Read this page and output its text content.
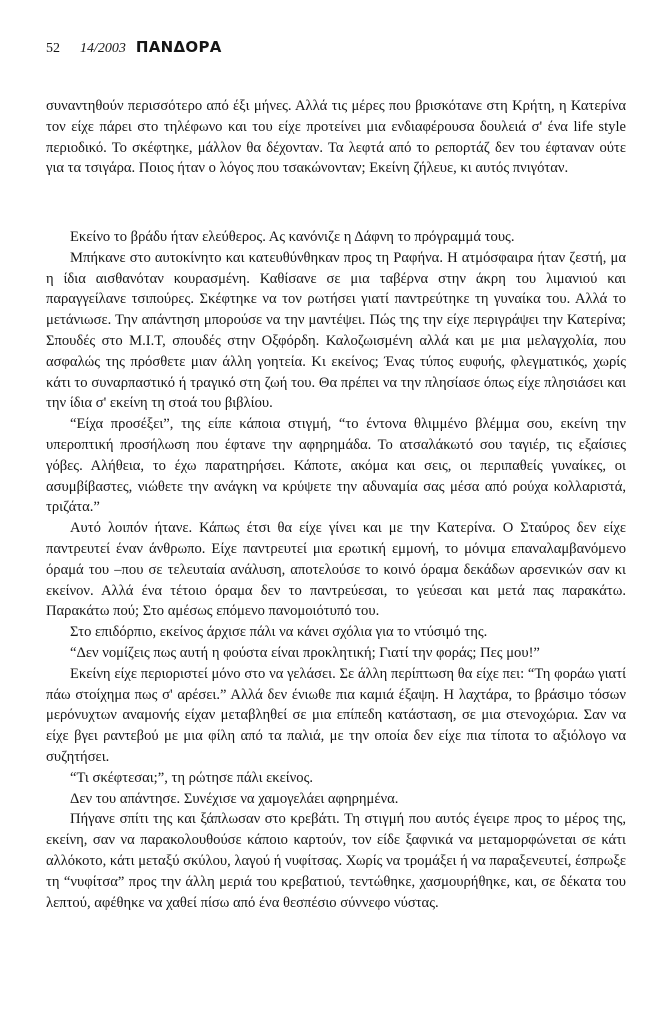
52 14/2003 ΠΑΝΔΟΡΑ

συναντηθούν περισσότερο από έξι μήνες. Αλλά τις μέρες που βρισκότανε στη Κρήτη, η Κατερίνα τον είχε πάρει στο τηλέφωνο και του είχε προτείνει μια ενδιαφέρουσα δουλειά σ' ένα life style περιοδικό. Το σκέφτηκε, μάλλον θα δέχονταν. Τα λεφτά από το ρεπορτάζ δεν του έφταναν ούτε για τα τσιγάρα. Ποιος ήταν ο λόγος που τσακώνονταν; Εκείνη ζήλευε, κι αυτός πνιγόταν.

Εκείνο το βράδυ ήταν ελεύθερος. Ας κανόνιζε η Δάφνη το πρόγραμμά τους.

Μπήκανε στο αυτοκίνητο και κατευθύνθηκαν προς τη Ραφήνα. Η ατμόσφαιρα ήταν ζεστή, μα η ίδια αισθανόταν κουρασμένη. Καθίσανε σε μια ταβέρνα στην άκρη του λιμανιού και παραγγείλανε τσιπούρες. Σκέφτηκε να τον ρωτήσει γιατί παντρεύτηκε τη γυναίκα του. Αλλά το μετάνιωσε. Την απάντηση μπορούσε να την μαντέψει. Πώς της την είχε περιγράψει την Κατερίνα; Σπουδές στο Μ.Ι.Τ, σπουδές στην Οξφόρδη. Καλοζωισμένη αλλά και με μια μελαγχολία, που ασφαλώς της πρόσθετε μιαν άλλη γοητεία. Κι εκείνος; Ένας τύπος ευφυής, φλεγματικός, χωρίς κάτι το συναρπαστικό ή τραγικό στη ζωή του. Θα πρέπει να την πλησίασε όπως είχε πλησιάσει και την ίδια σ' εκείνη τη στοά του βιβλίου.

“Είχα προσέξει”, της είπε κάποια στιγμή, “το έντονα θλιμμένο βλέμμα σου, εκείνη την υπεροπτική προσήλωση που έφτανε την αφηρημάδα. Το ατσαλάκωτό σου ταγιέρ, τις εξαίσιες γόβες. Αλήθεια, το έχω παρατηρήσει. Κάποτε, ακόμα και σεις, οι περιπαθείς γυναίκες, οι ασυμβίβαστες, νιώθετε την ανάγκη να κρύψετε την αδυναμία σας μέσα από ρούχα κολλαριστά, τριζάτα.”

Αυτό λοιπόν ήτανε. Κάπως έτσι θα είχε γίνει και με την Κατερίνα. Ο Σταύρος δεν είχε παντρευτεί έναν άνθρωπο. Είχε παντρευτεί μια ερωτική εμμονή, το μόνιμα επαναλαμβανόμενο όραμά του –που σε τελευταία ανάλυση, αποτελούσε το κοινό όραμα δεκάδων αρσενικών σαν κι εκείνον. Αλλά ένα τέτοιο όραμα δεν το παντρεύεσαι, το γεύεσαι και μετά πας παρακάτω. Παρακάτω πού; Στο αμέσως επόμενο πανομοιότυπό του.

Στο επιδόρπιο, εκείνος άρχισε πάλι να κάνει σχόλια για το ντύσιμό της.

“Δεν νομίζεις πως αυτή η φούστα είναι προκλητική; Γιατί την φοράς; Πες μου!”

Εκείνη είχε περιοριστεί μόνο στο να γελάσει. Σε άλλη περίπτωση θα είχε πει: “Τη φοράω γιατί πάω στοίχημα πως σ' αρέσει.” Αλλά δεν ένιωθε πια καμιά έξαψη. Η λαχτάρα, το βράσιμο τόσων μερόνυχτων αναμονής είχαν μεταβληθεί σε μια επίπεδη κατάσταση, σε μια στενοχώρια. Σαν να είχε βγει ραντεβού με μια φίλη από τα παλιά, με την οποία δεν είχε πια τίποτα το αξιόλογο να συζητήσει.

“Τι σκέφτεσαι;”, τη ρώτησε πάλι εκείνος.

Δεν του απάντησε. Συνέχισε να χαμογελάει αφηρημένα.

Πήγανε σπίτι της και ξάπλωσαν στο κρεβάτι. Τη στιγμή που αυτός έγειρε προς το μέρος της, εκείνη, σαν να παρακολουθούσε κάποιο καρτούν, τον είδε ξαφνικά να μεταμορφώνεται σε κάτι αλλόκοτο, κάτι μεταξύ σκύλου, λαγού ή νυφίτσας. Χωρίς να τρομάξει ή να παραξενευτεί, έσπρωξε τη “νυφίτσα” προς την άλλη μεριά του κρεβατιού, τεντώθηκε, χασμουρήθηκε, και, σε δέκατα του λεπτού, αφέθηκε να χαθεί πίσω από ένα θεσπέσιο σύννεφο νύστας.
